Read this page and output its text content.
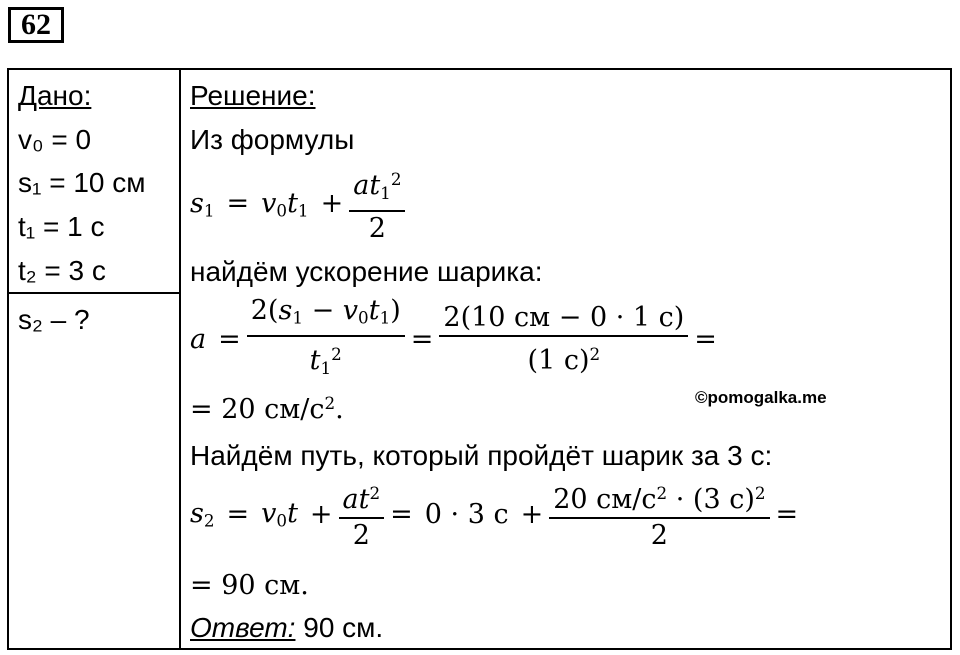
62
Дано:
v₀ = 0
s₁ = 10 см
t₁ = 1 с
t₂ = 3 с
s₂ – ?
Решение:
Из формулы
$s_1 = v_0t_1 + \frac{at_1^2}{2}$
найдём ускорение шарика:
$a = \frac{2(s_1 - v_0t_1)}{t_1^2} = \frac{2(10 см - 0 \cdot 1 с)}{(1 с)^2}$ =
= 20 $см/с^2$.
Найдём путь, который пройдёт шарик за 3 с:
$s_2 = v_0t + \frac{at^2}{2} = 0 \cdot 3$ $с + \frac{20 см/с^2 \cdot (3 с)^2}{2}$ =
= 90 см.
Ответ: 90 см.
©pomogalka.me
